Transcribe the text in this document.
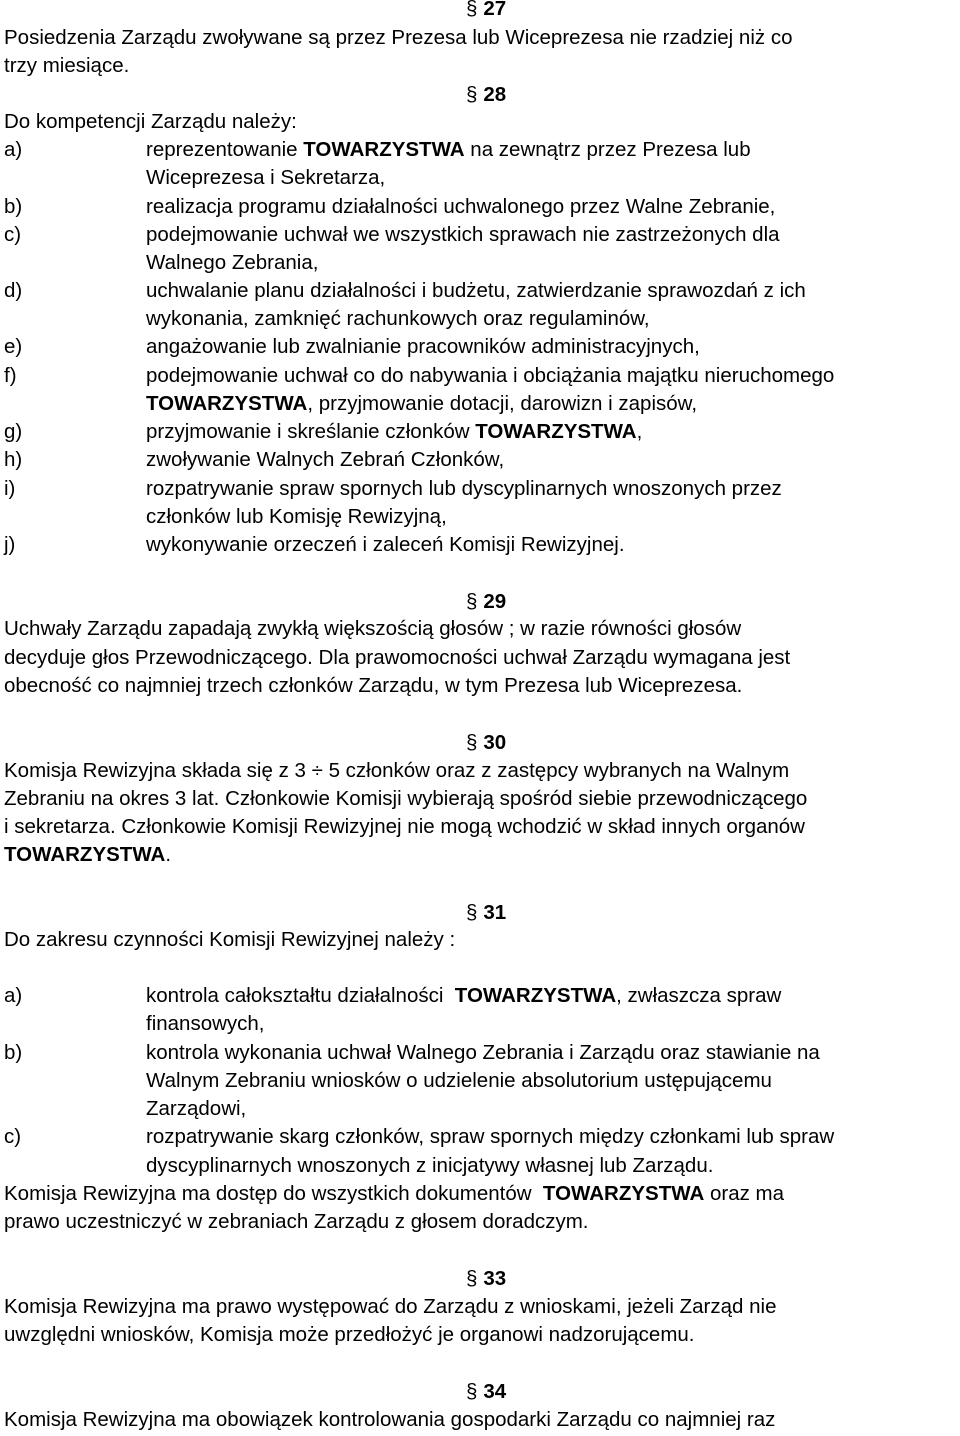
§ 27
Posiedzenia Zarządu zwoływane są przez Prezesa lub Wiceprezesa nie rzadziej niż co
trzy miesiące.
§ 28
Do kompetencji Zarządu należy:
a)	reprezentowanie TOWARZYSTWA na zewnątrz przez Prezesa lub
Wiceprezesa i Sekretarza,
b)	realizacja programu działalności uchwalonego przez Walne Zebranie,
c)	podejmowanie uchwał we wszystkich sprawach nie zastrzeżonych dla
Walnego Zebrania,
d)	uchwalanie planu działalności i budżetu, zatwierdzanie sprawozdań z ich
wykonania, zamknięć rachunkowych oraz regulaminów,
e)	angażowanie lub zwalnianie pracowników administracyjnych,
f)	podejmowanie uchwał co do nabywania i obciążania majątku nieruchomego
TOWARZYSTWA, przyjmowanie dotacji, darowizn i zapisów,
g)	przyjmowanie i skreślanie członków TOWARZYSTWA,
h)	zwoływanie Walnych Zebrań Członków,
i)	rozpatrywanie spraw spornych lub dyscyplinarnych wnoszonych przez
członków lub Komisję Rewizyjną,
j)	wykonywanie orzeczeń i zaleceń Komisji Rewizyjnej.
§ 29
Uchwały Zarządu zapadają zwykłą większością głosów ; w razie równości głosów
decyduje głos Przewodniczącego. Dla prawomocności uchwał Zarządu wymagana jest
obecność co najmniej trzech członków Zarządu, w tym Prezesa lub Wiceprezesa.
§ 30
Komisja Rewizyjna składa się z 3 ÷ 5 członków oraz z zastępcy wybranych na Walnym
Zebraniu na okres 3 lat. Członkowie Komisji wybierają spośród siebie przewodniczącego
i sekretarza. Członkowie Komisji Rewizyjnej nie mogą wchodzić w skład innych organów
TOWARZYSTWA.
§ 31
Do zakresu czynności Komisji Rewizyjnej należy :
a)	kontrola całokształtu działalności  TOWARZYSTWA, zwłaszcza spraw
finansowych,
b)	kontrola wykonania uchwał Walnego Zebrania i Zarządu oraz stawianie na
Walnym Zebraniu wniosków o udzielenie absolutorium ustępującemu
Zarządowi,
c)	rozpatrywanie skarg członków, spraw spornych między członkami lub spraw
dyscyplinarnych wnoszonych z inicjatywy własnej lub Zarządu.
Komisja Rewizyjna ma dostęp do wszystkich dokumentów  TOWARZYSTWA oraz ma
prawo uczestniczyć w zebraniach Zarządu z głosem doradczym.
§ 33
Komisja Rewizyjna ma prawo występować do Zarządu z wnioskami, jeżeli Zarząd nie
uwzględni wniosków, Komisja może przedłożyć je organowi nadzorującemu.
§ 34
Komisja Rewizyjna ma obowiązek kontrolowania gospodarki Zarządu co najmniej raz
